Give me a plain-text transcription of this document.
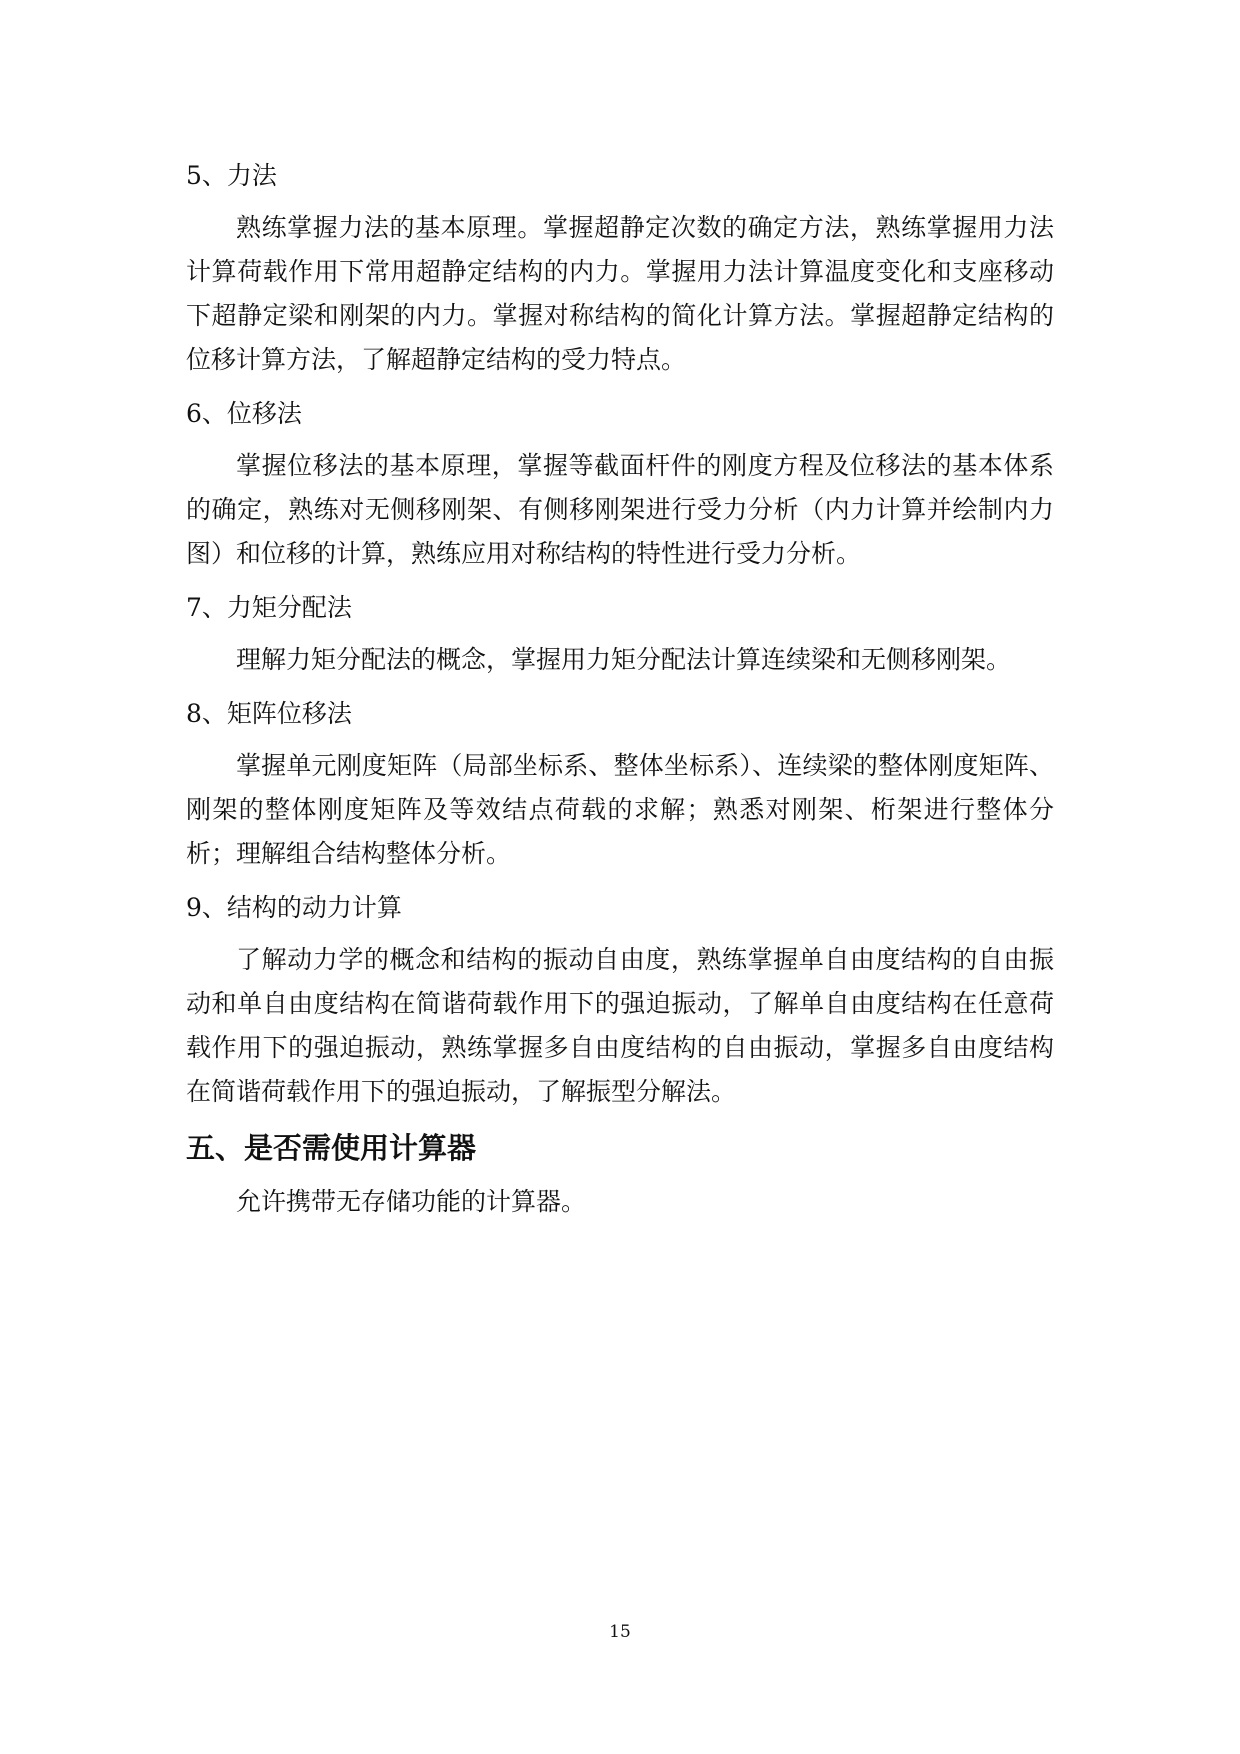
5、力法

熟练掌握力法的基本原理。掌握超静定次数的确定方法，熟练掌握用力法计算荷载作用下常用超静定结构的内力。掌握用力法计算温度变化和支座移动下超静定梁和刚架的内力。掌握对称结构的简化计算方法。掌握超静定结构的位移计算方法，了解超静定结构的受力特点。

6、位移法

掌握位移法的基本原理，掌握等截面杆件的刚度方程及位移法的基本体系的确定，熟练对无侧移刚架、有侧移刚架进行受力分析（内力计算并绘制内力图）和位移的计算，熟练应用对称结构的特性进行受力分析。

7、力矩分配法

理解力矩分配法的概念，掌握用力矩分配法计算连续梁和无侧移刚架。

8、矩阵位移法

掌握单元刚度矩阵（局部坐标系、整体坐标系）、连续梁的整体刚度矩阵、刚架的整体刚度矩阵及等效结点荷载的求解；熟悉对刚架、桁架进行整体分析；理解组合结构整体分析。

9、结构的动力计算

了解动力学的概念和结构的振动自由度，熟练掌握单自由度结构的自由振动和单自由度结构在简谐荷载作用下的强迫振动，了解单自由度结构在任意荷载作用下的强迫振动，熟练掌握多自由度结构的自由振动，掌握多自由度结构在简谐荷载作用下的强迫振动，了解振型分解法。

五、是否需使用计算器

允许携带无存储功能的计算器。

15
